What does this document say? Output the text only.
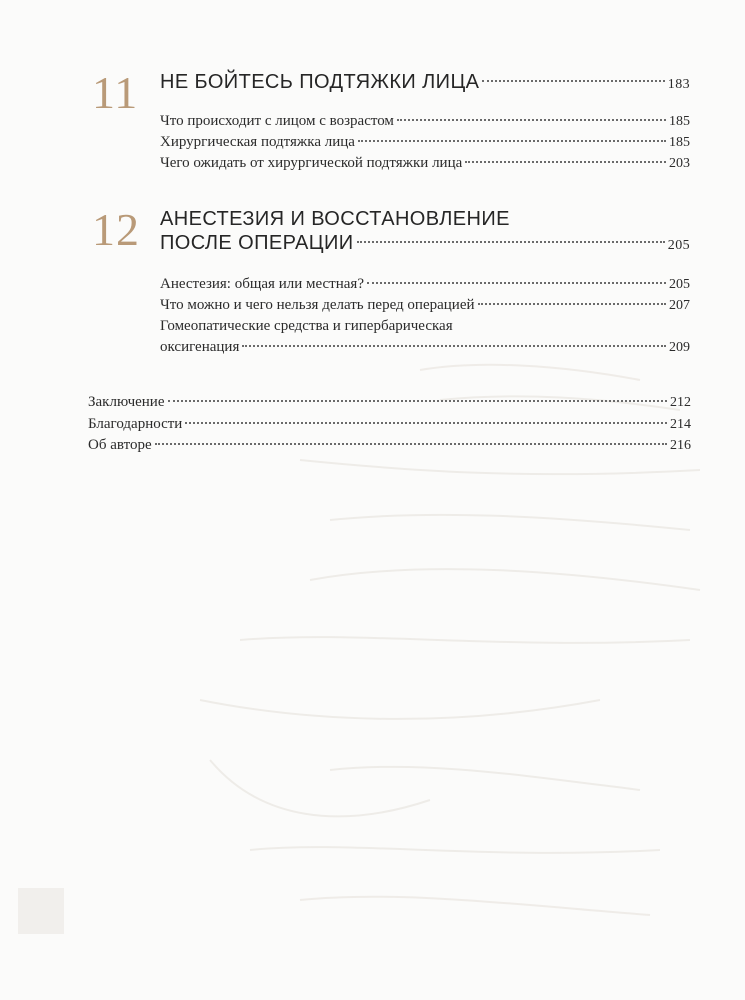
11 НЕ БОЙТЕСЬ ПОДТЯЖКИ ЛИЦА	183
Что происходит с лицом с возрастом	185
Хирургическая подтяжка лица	185
Чего ожидать от хирургической подтяжки лица	203
12 АНЕСТЕЗИЯ И ВОССТАНОВЛЕНИЕ
ПОСЛЕ ОПЕРАЦИИ	205
Анестезия: общая или местная?	205
Что можно и чего нельзя делать перед операцией	207
Гомеопатические средства и гипербарическая
оксигенация	209
Заключение	212
Благодарности	214
Об авторе	216
